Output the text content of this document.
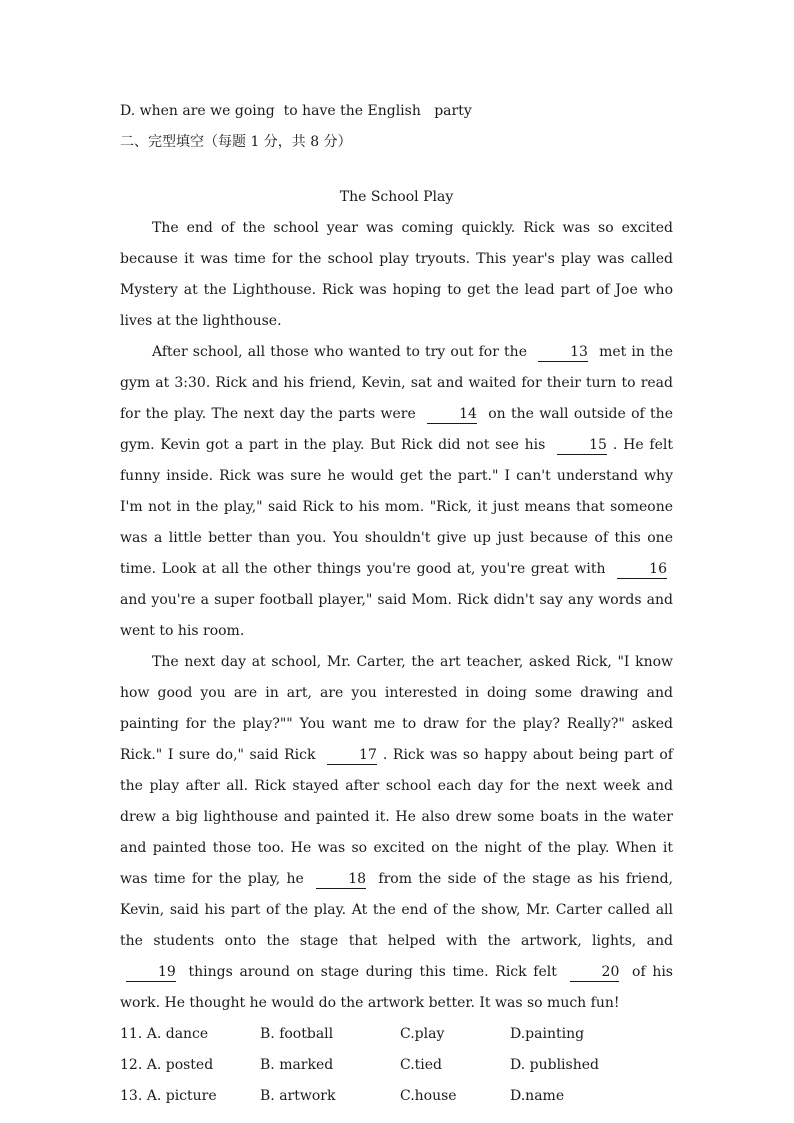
D. when are we going  to have the English   party
二、完型填空（每题 1 分，共 8 分）
The School Play
The end of the school year was coming quickly. Rick was so excited because it was time for the school play tryouts. This year's play was called Mystery at the Lighthouse. Rick was hoping to get the lead part of Joe who lives at the lighthouse.
After school, all those who wanted to try out for the	13 met in the gym at 3:30. Rick and his friend, Kevin, sat and waited for their turn to read for the play. The next day the parts were	14 on the wall outside of the gym. Kevin got a part in the play. But Rick did not see his	15 . He felt funny inside. Rick was sure he would get the part." I can't understand why I'm not in the play," said Rick to his mom. "Rick, it just means that someone was a little better than you. You shouldn't give up just because of this one time. Look at all the other things you're good at, you're great with	16 and you're a super football player," said Mom. Rick didn't say any words and went to his room.
The next day at school, Mr. Carter, the art teacher, asked Rick, "I know how good you are in art, are you interested in doing some drawing and painting for the play?"" You want me to draw for the play? Really?" asked Rick." I sure do," said Rick	17 . Rick was so happy about being part of the play after all. Rick stayed after school each day for the next week and drew a big lighthouse and painted it. He also drew some boats in the water and painted those too. He was so excited on the night of the play. When it was time for the play, he	18 from the side of the stage as his friend, Kevin, said his part of the play. At the end of the show, Mr. Carter called all the students onto the stage that helped with the artwork, lights, and 19 things around on stage during this time. Rick felt	20 of his work. He thought he would do the artwork better. It was so much fun!
11. A. dance	B. football	C.play	D.painting
12. A. posted	B. marked	C.tied	D. published
13. A. picture	B. artwork	C.house	D.name
